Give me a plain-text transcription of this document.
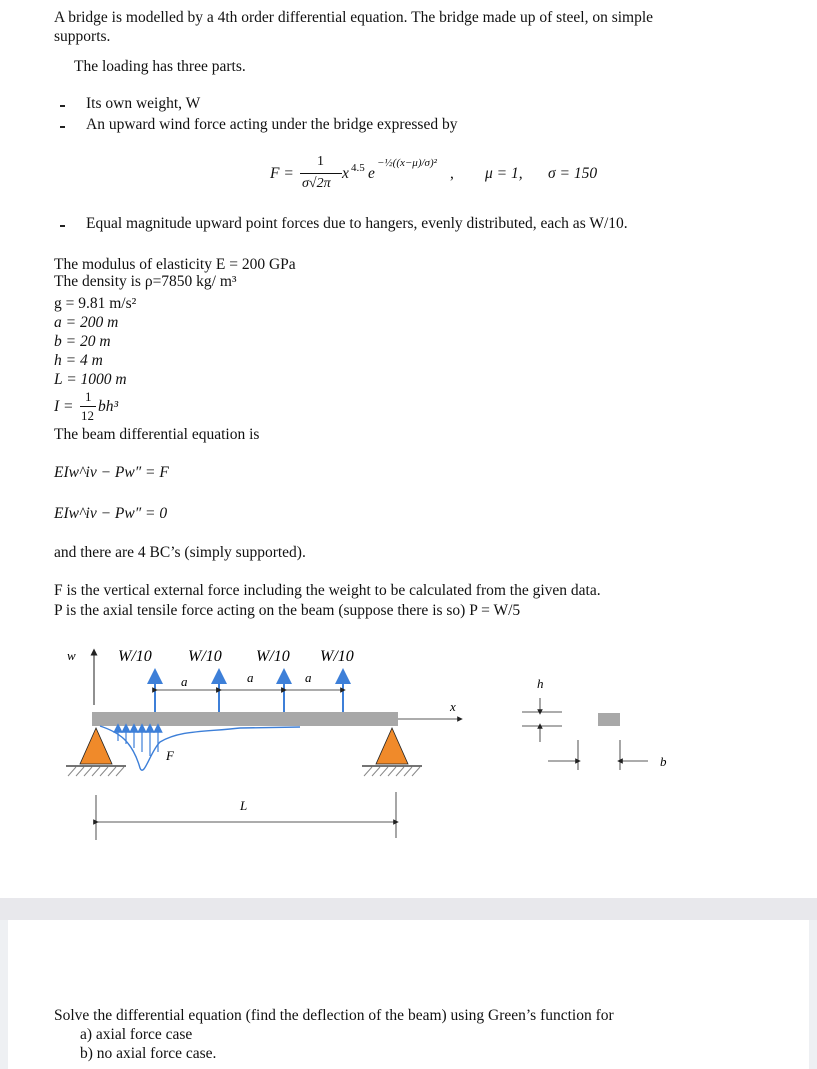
A bridge is modelled by a 4th order differential equation. The bridge made up of steel, on simple
supports.
The loading has three parts.
Its own weight, W
An upward wind force acting under the bridge expressed by
F =
1
σ√2π
x 4.5 e
−½((x−μ)/σ)²
, μ = 1, σ = 150
Equal magnitude upward point forces due to hangers, evenly distributed, each as W/10.
The modulus of elasticity E = 200 GPa
The density is ρ=7850 kg/ m³
g = 9.81 m/s²
a = 200 m
b = 20 m
h = 4 m
L = 1000 m
I =
1
12
bh³
The beam differential equation is
EIw^iv − Pw″ = F
EIw^iv − Pw″ = 0
and there are 4 BC’s (simply supported).
F is the vertical external force including the weight to be calculated from the given data.
P is the axial tensile force acting on the beam (suppose there is so) P = W/5
w	W/10 W/10 W/10 W/10
a	a	a
x
F
L
h
b
Solve the differential equation (find the deflection of the beam) using Green’s function for
a) axial force case
b) no axial force case.
